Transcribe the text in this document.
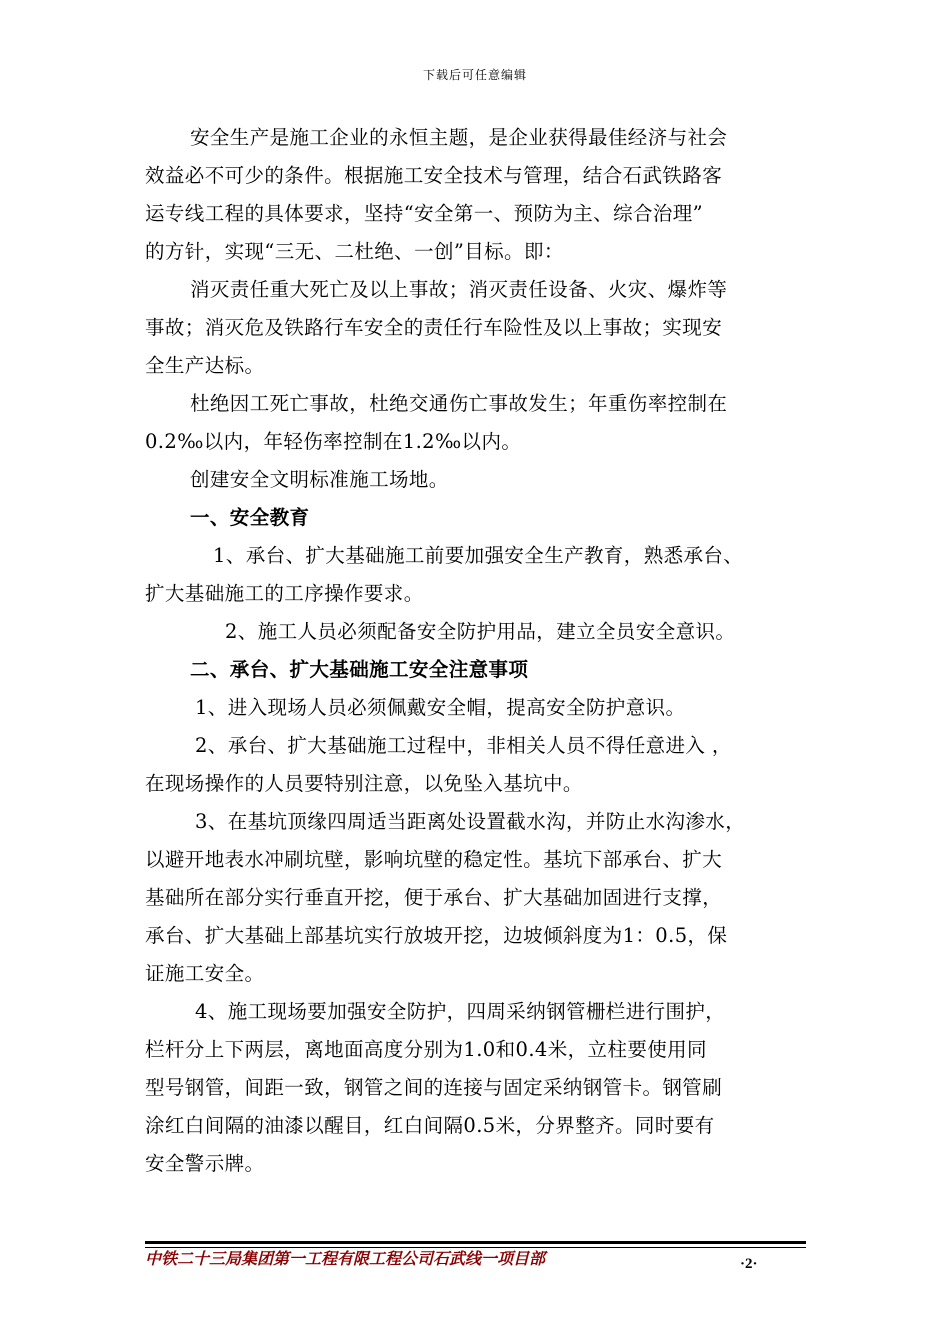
下载后可任意编辑
安全生产是施工企业的永恒主题，是企业获得最佳经济与社会
效益必不可少的条件。根据施工安全技术与管理，结合石武铁路客
运专线工程的具体要求，坚持“安全第一、预防为主、综合治理”
的方针，实现“三无、二杜绝、一创”目标。即：
消灭责任重大死亡及以上事故；消灭责任设备、火灾、爆炸等
事故；消灭危及铁路行车安全的责任行车险性及以上事故；实现安
全生产达标。
杜绝因工死亡事故，杜绝交通伤亡事故发生；年重伤率控制在
0.2‰以内，年轻伤率控制在1.2‰以内。
创建安全文明标准施工场地。
一、安全教育
1、承台、扩大基础施工前要加强安全生产教育，熟悉承台、
扩大基础施工的工序操作要求。
2、施工人员必须配备安全防护用品，建立全员安全意识。
二、承台、扩大基础施工安全注意事项
1、进入现场人员必须佩戴安全帽，提高安全防护意识。
2、承台、扩大基础施工过程中，非相关人员不得任意进入 ，
在现场操作的人员要特别注意，以免坠入基坑中。
3、在基坑顶缘四周适当距离处设置截水沟，并防止水沟渗水，
以避开地表水冲刷坑壁，影响坑壁的稳定性。基坑下部承台、扩大
基础所在部分实行垂直开挖，便于承台、扩大基础加固进行支撑，
承台、扩大基础上部基坑实行放坡开挖，边坡倾斜度为1：0.5，保
证施工安全。
4、施工现场要加强安全防护，四周采纳钢管栅栏进行围护，
栏杆分上下两层，离地面高度分别为1.0和0.4米，立柱要使用同
型号钢管，间距一致，钢管之间的连接与固定采纳钢管卡。钢管刷
涂红白间隔的油漆以醒目，红白间隔0.5米，分界整齐。同时要有
安全警示牌。
中铁二十三局集团第一工程有限工程公司石武线一项目部	·2·
